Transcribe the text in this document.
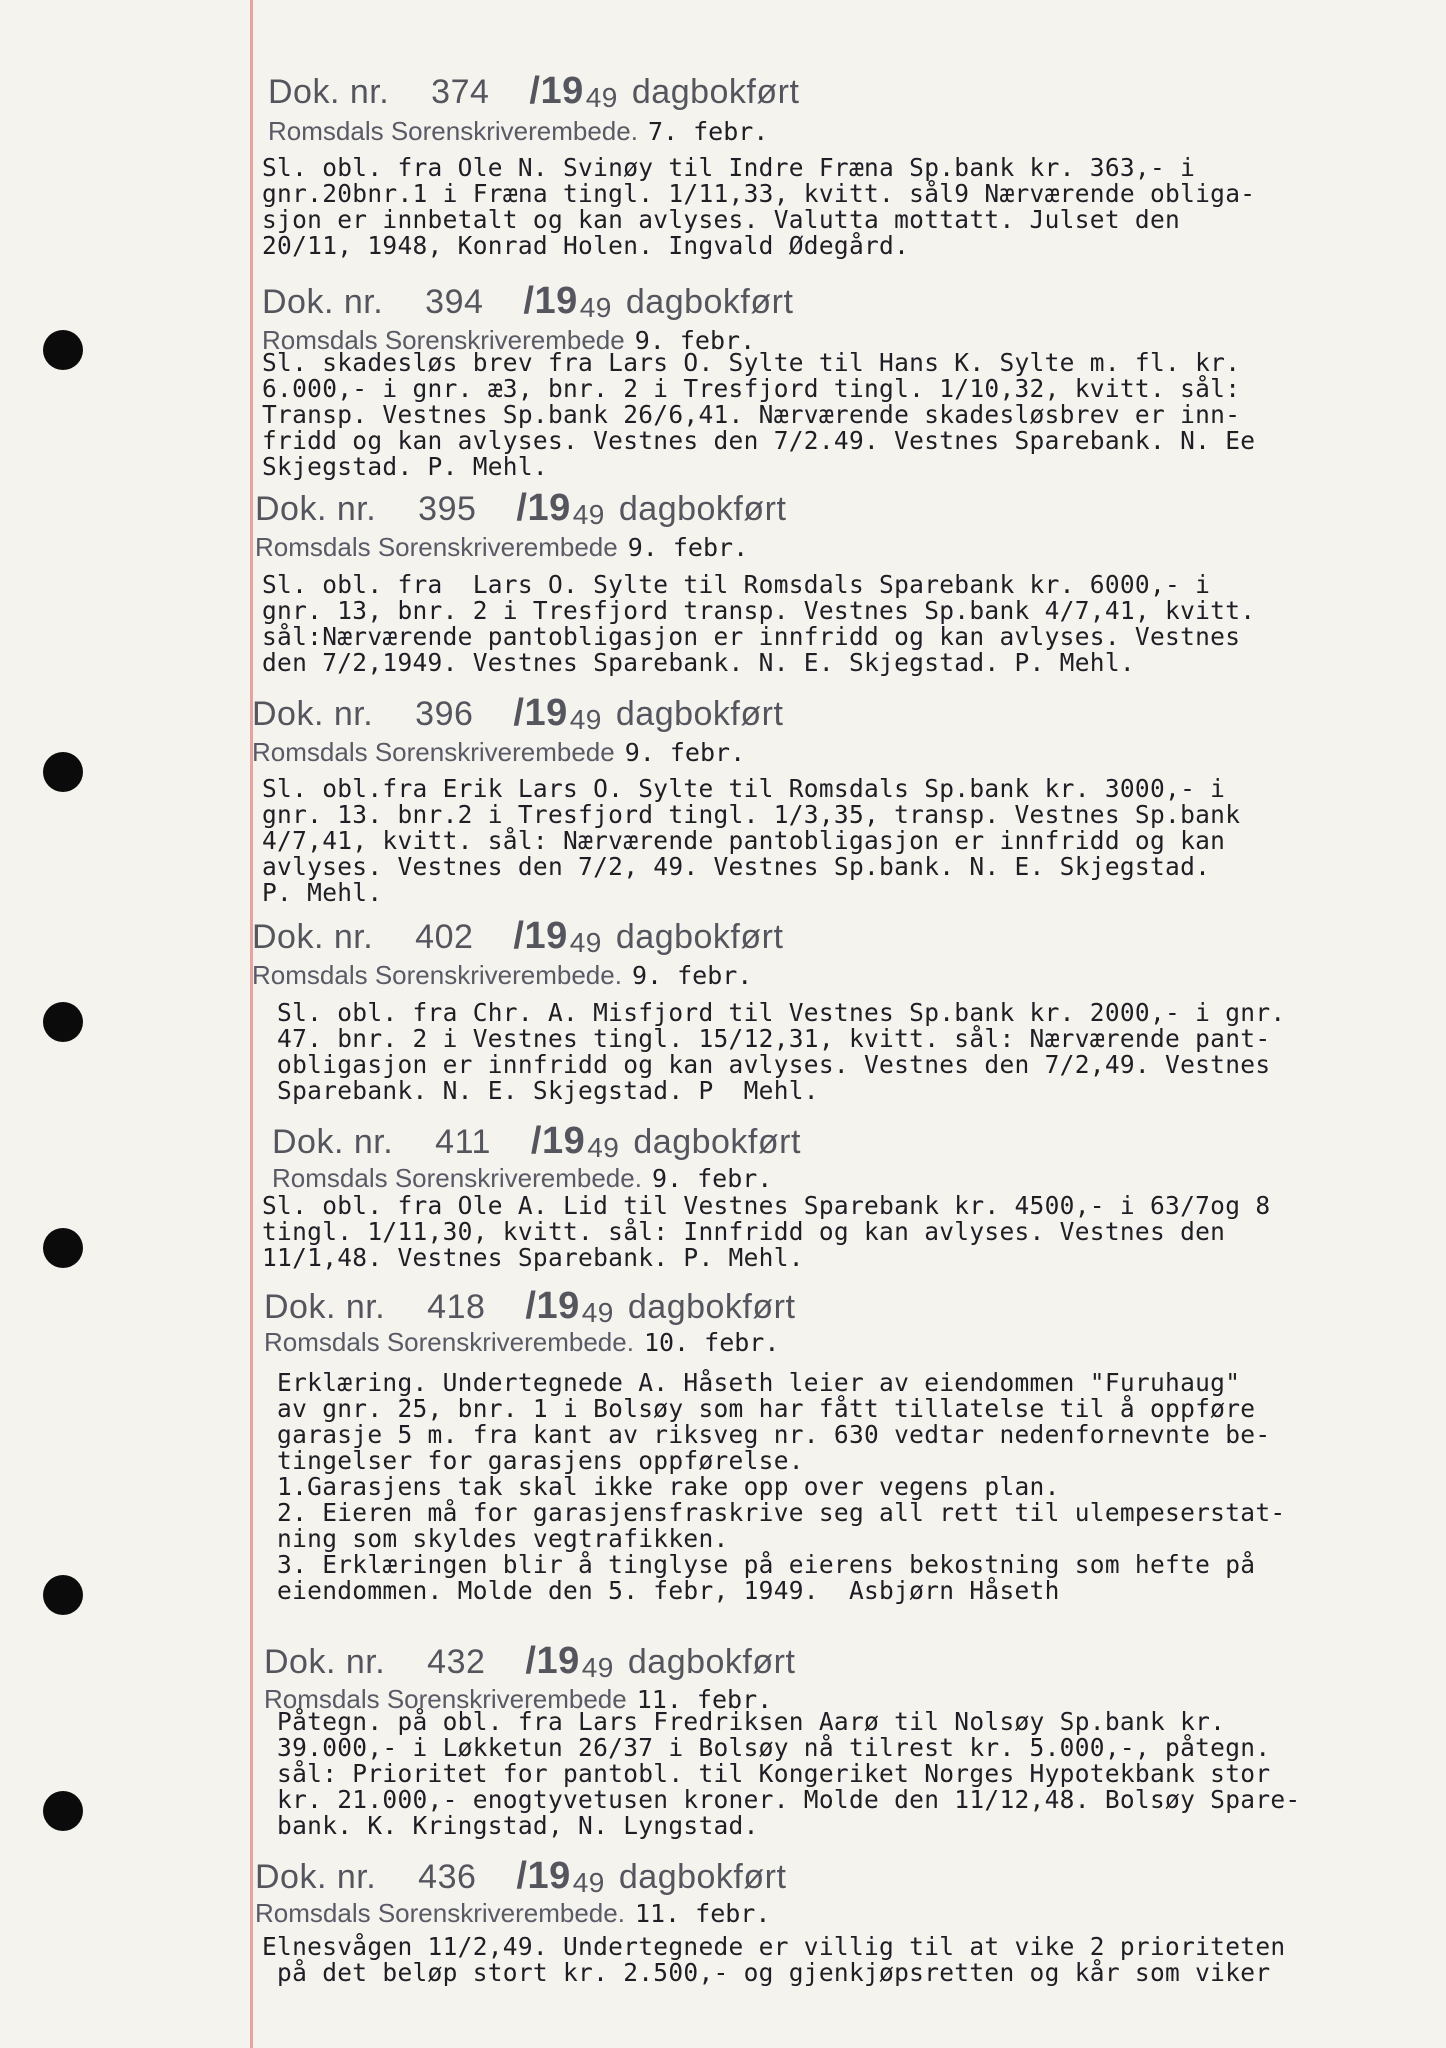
Dok. nr. 374 /1949 dagbokført
Romsdals Sorenskriverembede. 7. febr.
Sl. obl. fra Ole N. Svinøy til Indre Fræna Sp.bank kr. 363,- i
gnr.20bnr.1 i Fræna tingl. 1/11,33, kvitt. sål9 Nærværende obliga-
sjon er innbetalt og kan avlyses. Valutta mottatt. Julset den
20/11, 1948, Konrad Holen. Ingvald Ødegård.
Dok. nr. 394 /1949 dagbokført
Romsdals Sorenskriverembede 9. febr.
Sl. skadesløs brev fra Lars O. Sylte til Hans K. Sylte m. fl. kr.
6.000,- i gnr. æ3, bnr. 2 i Tresfjord tingl. 1/10,32, kvitt. sål:
Transp. Vestnes Sp.bank 26/6,41. Nærværende skadesløsbrev er inn-
fridd og kan avlyses. Vestnes den 7/2.49. Vestnes Sparebank. N. Ee
Skjegstad. P. Mehl.
Dok. nr. 395 /1949 dagbokført
Romsdals Sorenskriverembede 9. febr.
Sl. obl. fra  Lars O. Sylte til Romsdals Sparebank kr. 6000,- i
gnr. 13, bnr. 2 i Tresfjord transp. Vestnes Sp.bank 4/7,41, kvitt.
sål:Nærværende pantobligasjon er innfridd og kan avlyses. Vestnes
den 7/2,1949. Vestnes Sparebank. N. E. Skjegstad. P. Mehl.
Dok. nr. 396 /1949 dagbokført
Romsdals Sorenskriverembede 9. febr.
Sl. obl.fra Erik Lars O. Sylte til Romsdals Sp.bank kr. 3000,- i
gnr. 13. bnr.2 i Tresfjord tingl. 1/3,35, transp. Vestnes Sp.bank
4/7,41, kvitt. sål: Nærværende pantobligasjon er innfridd og kan
avlyses. Vestnes den 7/2, 49. Vestnes Sp.bank. N. E. Skjegstad.
P. Mehl.
Dok. nr. 402 /1949 dagbokført
Romsdals Sorenskriverembede. 9. febr.
Sl. obl. fra Chr. A. Misfjord til Vestnes Sp.bank kr. 2000,- i gnr.
47. bnr. 2 i Vestnes tingl. 15/12,31, kvitt. sål: Nærværende pant-
obligasjon er innfridd og kan avlyses. Vestnes den 7/2,49. Vestnes
Sparebank. N. E. Skjegstad. P  Mehl.
Dok. nr. 411 /1949 dagbokført
Romsdals Sorenskriverembede. 9. febr.
Sl. obl. fra Ole A. Lid til Vestnes Sparebank kr. 4500,- i 63/7og 8
tingl. 1/11,30, kvitt. sål: Innfridd og kan avlyses. Vestnes den
11/1,48. Vestnes Sparebank. P. Mehl.
Dok. nr. 418 /1949 dagbokført
Romsdals Sorenskriverembede. 10. febr.
Erklæring. Undertegnede A. Håseth leier av eiendommen "Furuhaug"
av gnr. 25, bnr. 1 i Bolsøy som har fått tillatelse til å oppføre
garasje 5 m. fra kant av riksveg nr. 630 vedtar nedenfornevnte be-
tingelser for garasjens oppførelse.
1.Garasjens tak skal ikke rake opp over vegens plan.
2. Eieren må for garasjensfraskrive seg all rett til ulempeserstat-
ning som skyldes vegtrafikken.
3. Erklæringen blir å tinglyse på eierens bekostning som hefte på
eiendommen. Molde den 5. febr, 1949.  Asbjørn Håseth
Dok. nr. 432 /1949 dagbokført
Romsdals Sorenskriverembede 11. febr.
Påtegn. på obl. fra Lars Fredriksen Aarø til Nolsøy Sp.bank kr.
39.000,- i Løkketun 26/37 i Bolsøy nå tilrest kr. 5.000,-, påtegn.
sål: Prioritet for pantobl. til Kongeriket Norges Hypotekbank stor
kr. 21.000,- enogtyvetusen kroner. Molde den 11/12,48. Bolsøy Spare-
bank. K. Kringstad, N. Lyngstad.
Dok. nr. 436 /1949 dagbokført
Romsdals Sorenskriverembede. 11. febr.
Elnesvågen 11/2,49. Undertegnede er villig til at vike 2 prioriteten
på det beløp stort kr. 2.500,- og gjenkjøpsretten og kår som viker
